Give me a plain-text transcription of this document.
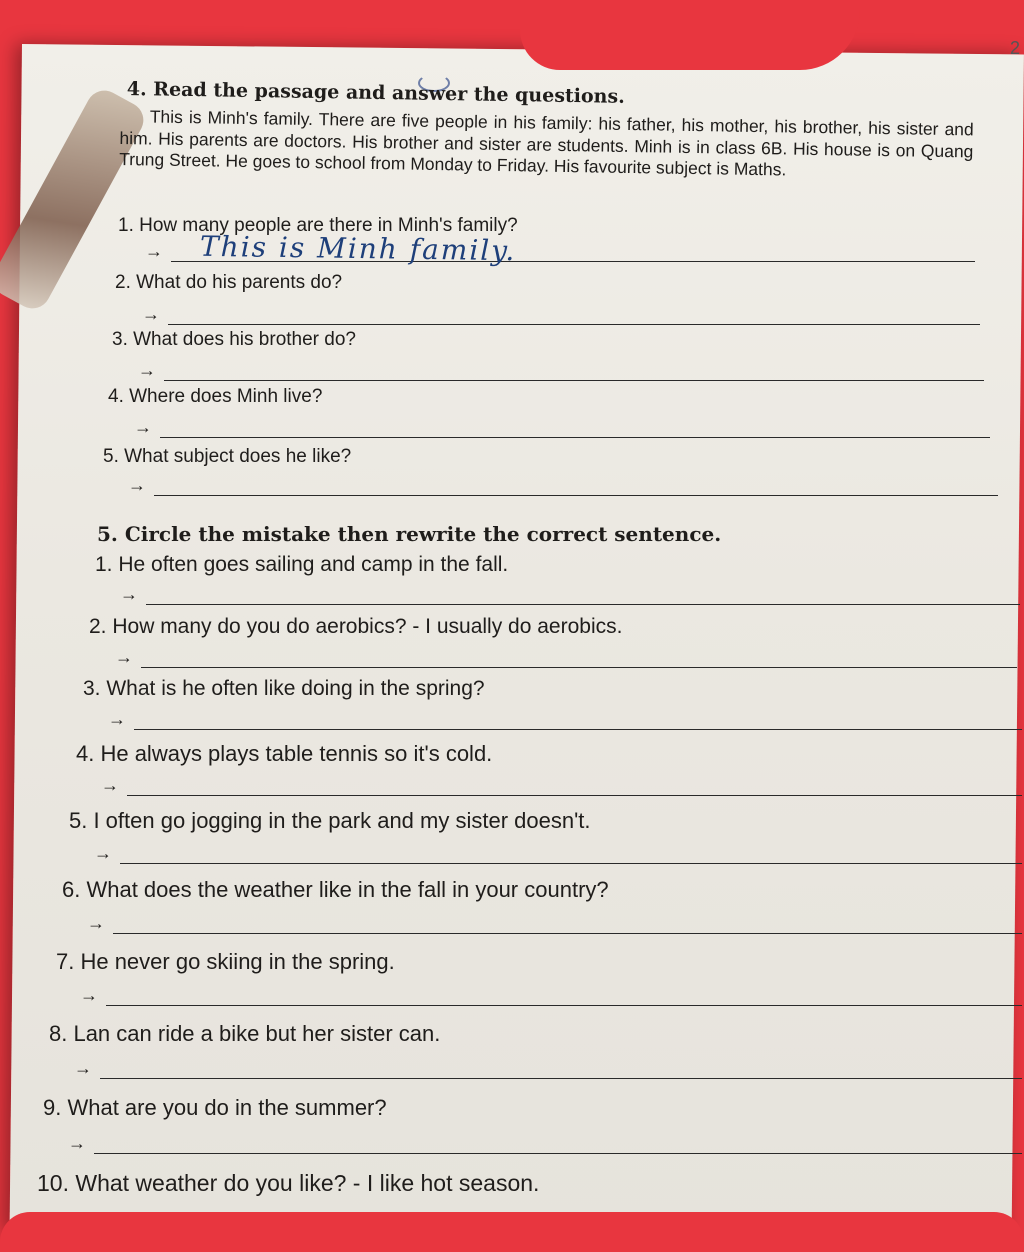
2
4. Read the passage and answer the questions.
This is Minh's family. There are five people in his family: his father, his mother, his brother, his sister and him. His parents are doctors. His brother and sister are students. Minh is in class 6B. His house is on Quang Trung Street. He goes to school from Monday to Friday. His favourite subject is Maths.
1. How many people are there in Minh's family?
→ This is Minh family.
2. What do his parents do?
→
3. What does his brother do?
→
4. Where does Minh live?
→
5. What subject does he like?
→
5. Circle the mistake then rewrite the correct sentence.
1. He often goes sailing and camp in the fall.
→
2. How many do you do aerobics? - I usually do aerobics.
→
3. What is he often like doing in the spring?
→
4. He always plays table tennis so it's cold.
→
5. I often go jogging in the park and my sister doesn't.
→
6. What does the weather like in the fall in your country?
→
7. He never go skiing in the spring.
→
8. Lan can ride a bike but her sister can.
→
9. What are you do in the summer?
→
10. What weather do you like? - I like hot season.
